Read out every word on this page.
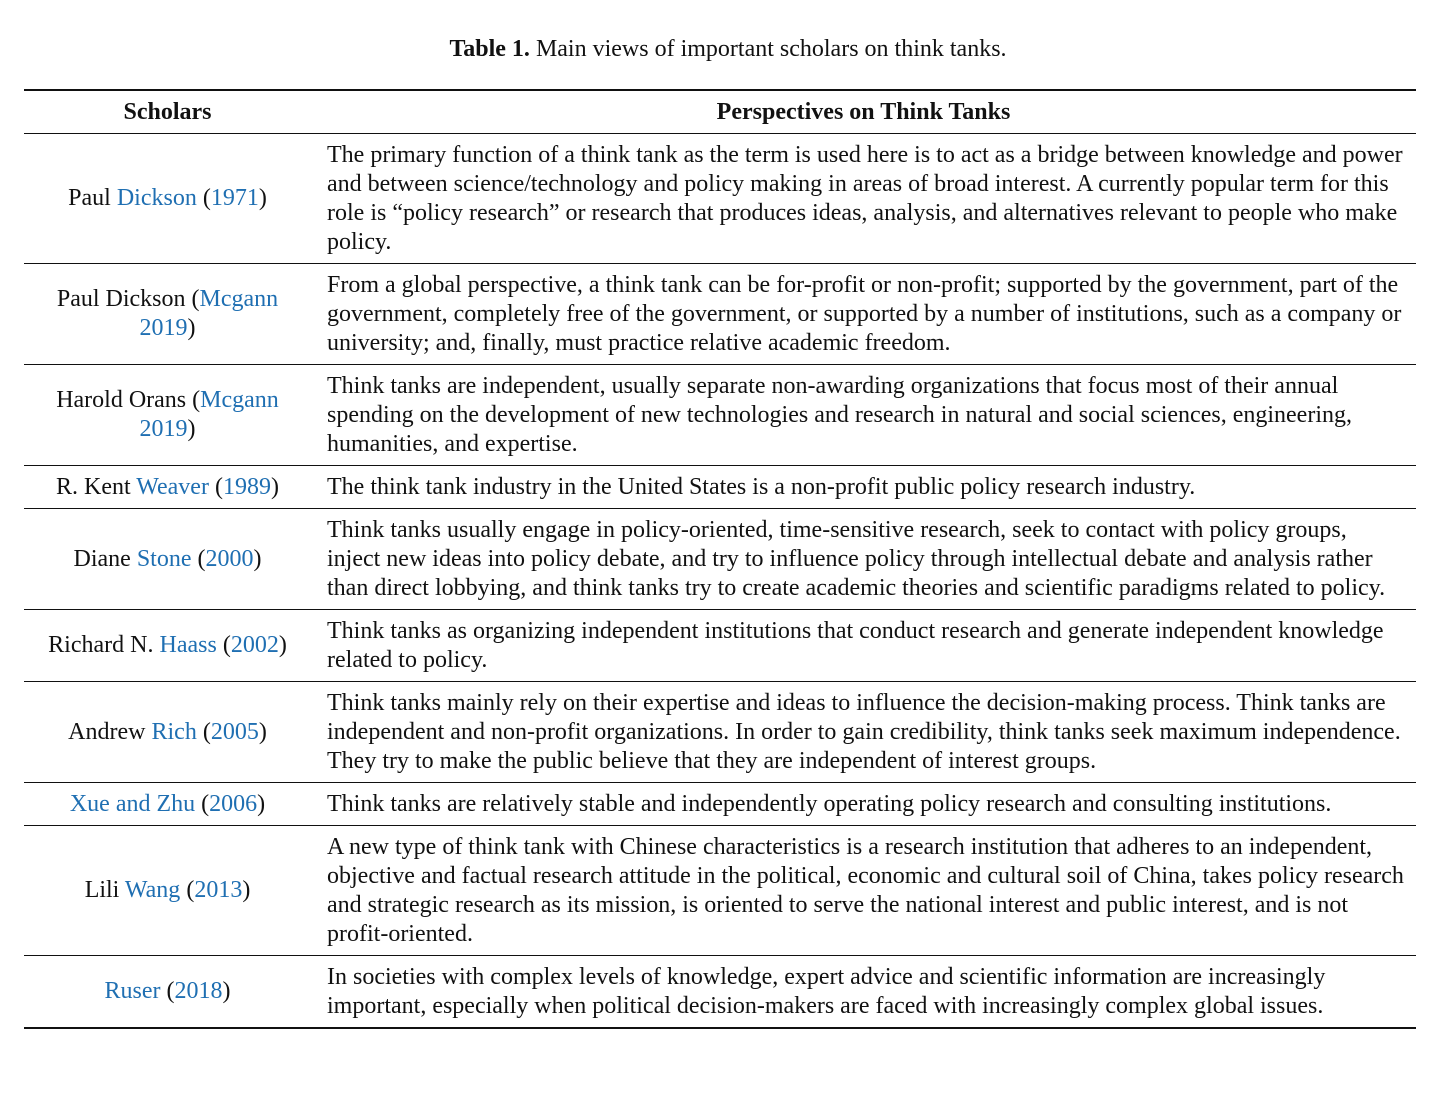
Table 1. Main views of important scholars on think tanks.
Scholars	Perspectives on Think Tanks
Paul Dickson (1971)	The primary function of a think tank as the term is used here is to act as a bridge between knowledge and power and between science/technology and policy making in areas of broad interest. A currently popular term for this role is “policy research” or research that produces ideas, analysis, and alternatives relevant to people who make policy.
Paul Dickson (Mcgann 2019)	From a global perspective, a think tank can be for-profit or non-profit; supported by the government, part of the government, completely free of the government, or supported by a number of institutions, such as a company or university; and, finally, must practice relative academic freedom.
Harold Orans (Mcgann 2019)	Think tanks are independent, usually separate non-awarding organizations that focus most of their annual spending on the development of new technologies and research in natural and social sciences, engineering, humanities, and expertise.
R. Kent Weaver (1989)	The think tank industry in the United States is a non-profit public policy research industry.
Diane Stone (2000)	Think tanks usually engage in policy-oriented, time-sensitive research, seek to contact with policy groups, inject new ideas into policy debate, and try to influence policy through intellectual debate and analysis rather than direct lobbying, and think tanks try to create academic theories and scientific paradigms related to policy.
Richard N. Haass (2002)	Think tanks as organizing independent institutions that conduct research and generate independent knowledge related to policy.
Andrew Rich (2005)	Think tanks mainly rely on their expertise and ideas to influence the decision-making process. Think tanks are independent and non-profit organizations. In order to gain credibility, think tanks seek maximum independence. They try to make the public believe that they are independent of interest groups.
Xue and Zhu (2006)	Think tanks are relatively stable and independently operating policy research and consulting institutions.
Lili Wang (2013)	A new type of think tank with Chinese characteristics is a research institution that adheres to an independent, objective and factual research attitude in the political, economic and cultural soil of China, takes policy research and strategic research as its mission, is oriented to serve the national interest and public interest, and is not profit-oriented.
Ruser (2018)	In societies with complex levels of knowledge, expert advice and scientific information are increasingly important, especially when political decision-makers are faced with increasingly complex global issues.
